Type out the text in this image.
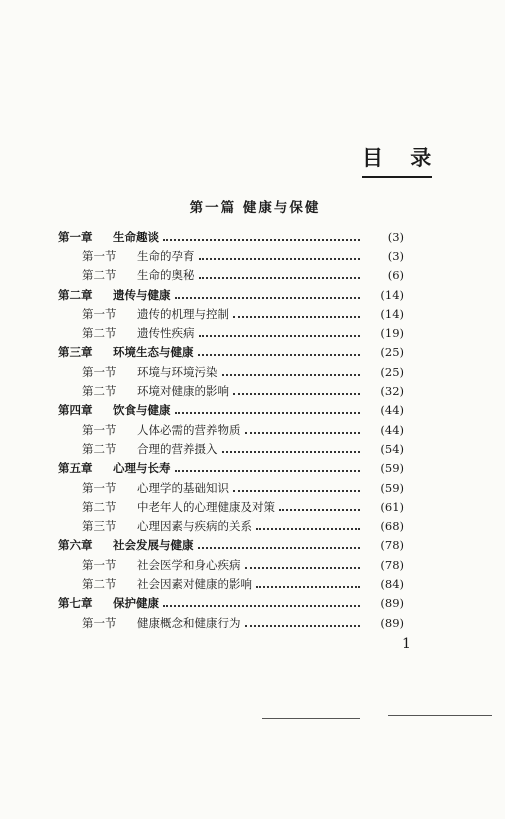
目 录
第一篇 健康与保健
第一章	生命趣谈	(3)
第一节	生命的孕育	(3)
第二节	生命的奥秘	(6)
第二章	遗传与健康	(14)
第一节	遗传的机理与控制	(14)
第二节	遗传性疾病	(19)
第三章	环境生态与健康	(25)
第一节	环境与环境污染	(25)
第二节	环境对健康的影响	(32)
第四章	饮食与健康	(44)
第一节	人体必需的营养物质	(44)
第二节	合理的营养摄入	(54)
第五章	心理与长寿	(59)
第一节	心理学的基础知识	(59)
第二节	中老年人的心理健康及对策	(61)
第三节	心理因素与疾病的关系	(68)
第六章	社会发展与健康	(78)
第一节	社会医学和身心疾病	(78)
第二节	社会因素对健康的影响	(84)
第七章	保护健康	(89)
第一节	健康概念和健康行为	(89)
1
